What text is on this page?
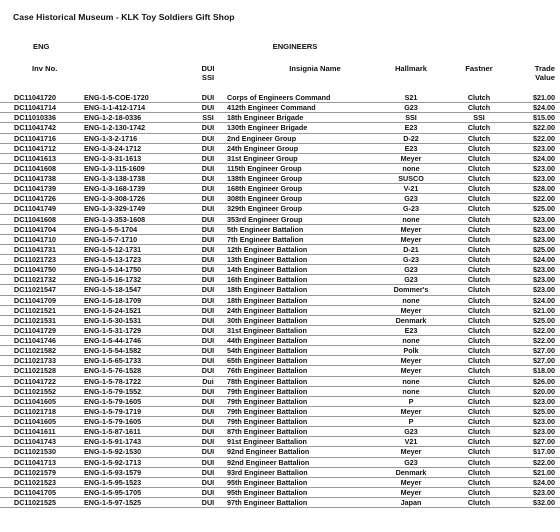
Case Historical Museum - KLK Toy Soldiers Gift Shop
ENG	ENGINEERS
Inv No.	DUI
SSI
Insignia Name	Hallmark	Fastner	Trade
Value
DC11041720	ENG-1-5-COE-1720	DUI	Corps of Engineers Command	S21	Clutch	$21.00
DC11041714	ENG-1-1-412-1714	DUI	412th Engineer Command	G23	Clutch	$24.00
DC11010336	ENG-1-2-18-0336	SSI	18th Engineer Brigade	SSI	SSI	$15.00
DC11041742	ENG-1-2-130-1742	DUI	130th Engineer Brigade	E23	Clutch	$22.00
DC11041716	ENG-1-3-2-1716	DUI	2nd Engineer Group	D-22	Clutch	$22.00
DC11041712	ENG-1-3-24-1712	DUI	24th Engineer Group	E23	Clutch	$23.00
DC11041613	ENG-1-3-31-1613	DUI	31st Engineer Group	Meyer	Clutch	$24.00
DC11041608	ENG-1-3-115-1609	DUI	115th Engineer Group	none	Clutch	$23.00
DC11041738	ENG-1-3-138-1738	DUI	138th Engineer Group	SUSCO	Clutch	$23.00
DC11041739	ENG-1-3-168-1739	DUI	168th Engineer Group	V-21	Clutch	$28.00
DC11041726	ENG-1-3-308-1726	DUI	308th Engineer Group	G23	Clutch	$22.00
DC11041749	ENG-1-3-329-1749	DUI	329th Engineer Group	G-23	Clutch	$25.00
DC11041608	ENG-1-3-353-1608	DUI	353rd Engineer Group	none	Clutch	$23.00
DC11041704	ENG-1-5-5-1704	DUI	5th Engineer Battalion	Meyer	Clutch	$23.00
DC11041710	ENG-1-5-7-1710	DUI	7th Engineer Battalion	Meyer	Clutch	$23.00
DC11041731	ENG-1-5-12-1731	DUI	12th Engineer Battalion	D-21	Clutch	$25.00
DC11021723	ENG-1-5-13-1723	DUI	13th Engineer Battalion	G-23	Clutch	$24.00
DC11041750	ENG-1-5-14-1750	DUI	14th Engineer Battalion	G23	Clutch	$23.00
DC11021732	ENG-1-5-16-1732	DUI	16th Engineer Battalion	G23	Clutch	$23.00
DC11021547	ENG-1-5-18-1547	DUI	18th Engineer Battalion	Dommer's	Clutch	$23.00
DC11041709	ENG-1-5-18-1709	DUI	18th Engineer Battalion	none	Clutch	$24.00
DC11021521	ENG-1-5-24-1521	DUI	24th Engineer Battalion	Meyer	Clutch	$21.00
DC11021531	ENG-1-5-30-1531	DUI	30th Engineer Battalion	Denmark	Clutch	$25.00
DC11041729	ENG-1-5-31-1729	DUI	31st Engineer Battalion	E23	Clutch	$22.00
DC11041746	ENG-1-5-44-1746	DUI	44th Engineer Battalion	none	Clutch	$22.00
DC11021582	ENG-1-5-54-1582	DUI	54th Engineer Battalion	Polk	Clutch	$27.00
DC11021733	ENG-1-5-65-1733	DUI	65th Engineer Battalion	Meyer	Clutch	$27.00
DC11021528	ENG-1-5-76-1528	DUI	76th Engineer Battalion	Meyer	Clutch	$18.00
DC11041722	ENG-1-5-78-1722	Dui	78th Engineer Battalion	none	Clutch	$26.00
DC11021552	ENG-1-5-79-1552	DUI	79th Engineer Battalion	none	Clutch	$20.00
DC11041605	ENG-1-5-79-1605	DUI	79th Engineer Battalion	P	Clutch	$23.00
DC11021718	ENG-1-5-79-1719	DUI	79th Engineer Battalion	Meyer	Clutch	$25.00
DC11041605	ENG-1-5-79-1605	DUI	79th Engineer Battalion	P	Clutch	$23.00
DC11041611	ENG-1-5-87-1611	DUI	87th Engineer Battalion	G23	Clutch	$23.00
DC11041743	ENG-1-5-91-1743	DUI	91st Engineer Battalion	V21	Clutch	$27.00
DC11021530	ENG-1-5-92-1530	DUI	92nd Engineer Battalion	Meyer	Clutch	$17.00
DC11041713	ENG-1-5-92-1713	DUI	92nd Engineer Battalion	G23	Clutch	$22.00
DC11021579	ENG-1-5-93-1579	DUI	93rd Engineer Battalion	Denmark	Clutch	$21.00
DC11021523	ENG-1-5-95-1523	DUI	95th Engineer Battalion	Meyer	Clutch	$24.00
DC11041705	ENG-1-5-95-1705	DUI	95th Engineer Battalion	Meyer	Clutch	$23.00
DC11021525	ENG-1-5-97-1525	DUI	97th Engineer Battalion	Japan	Clutch	$32.00
